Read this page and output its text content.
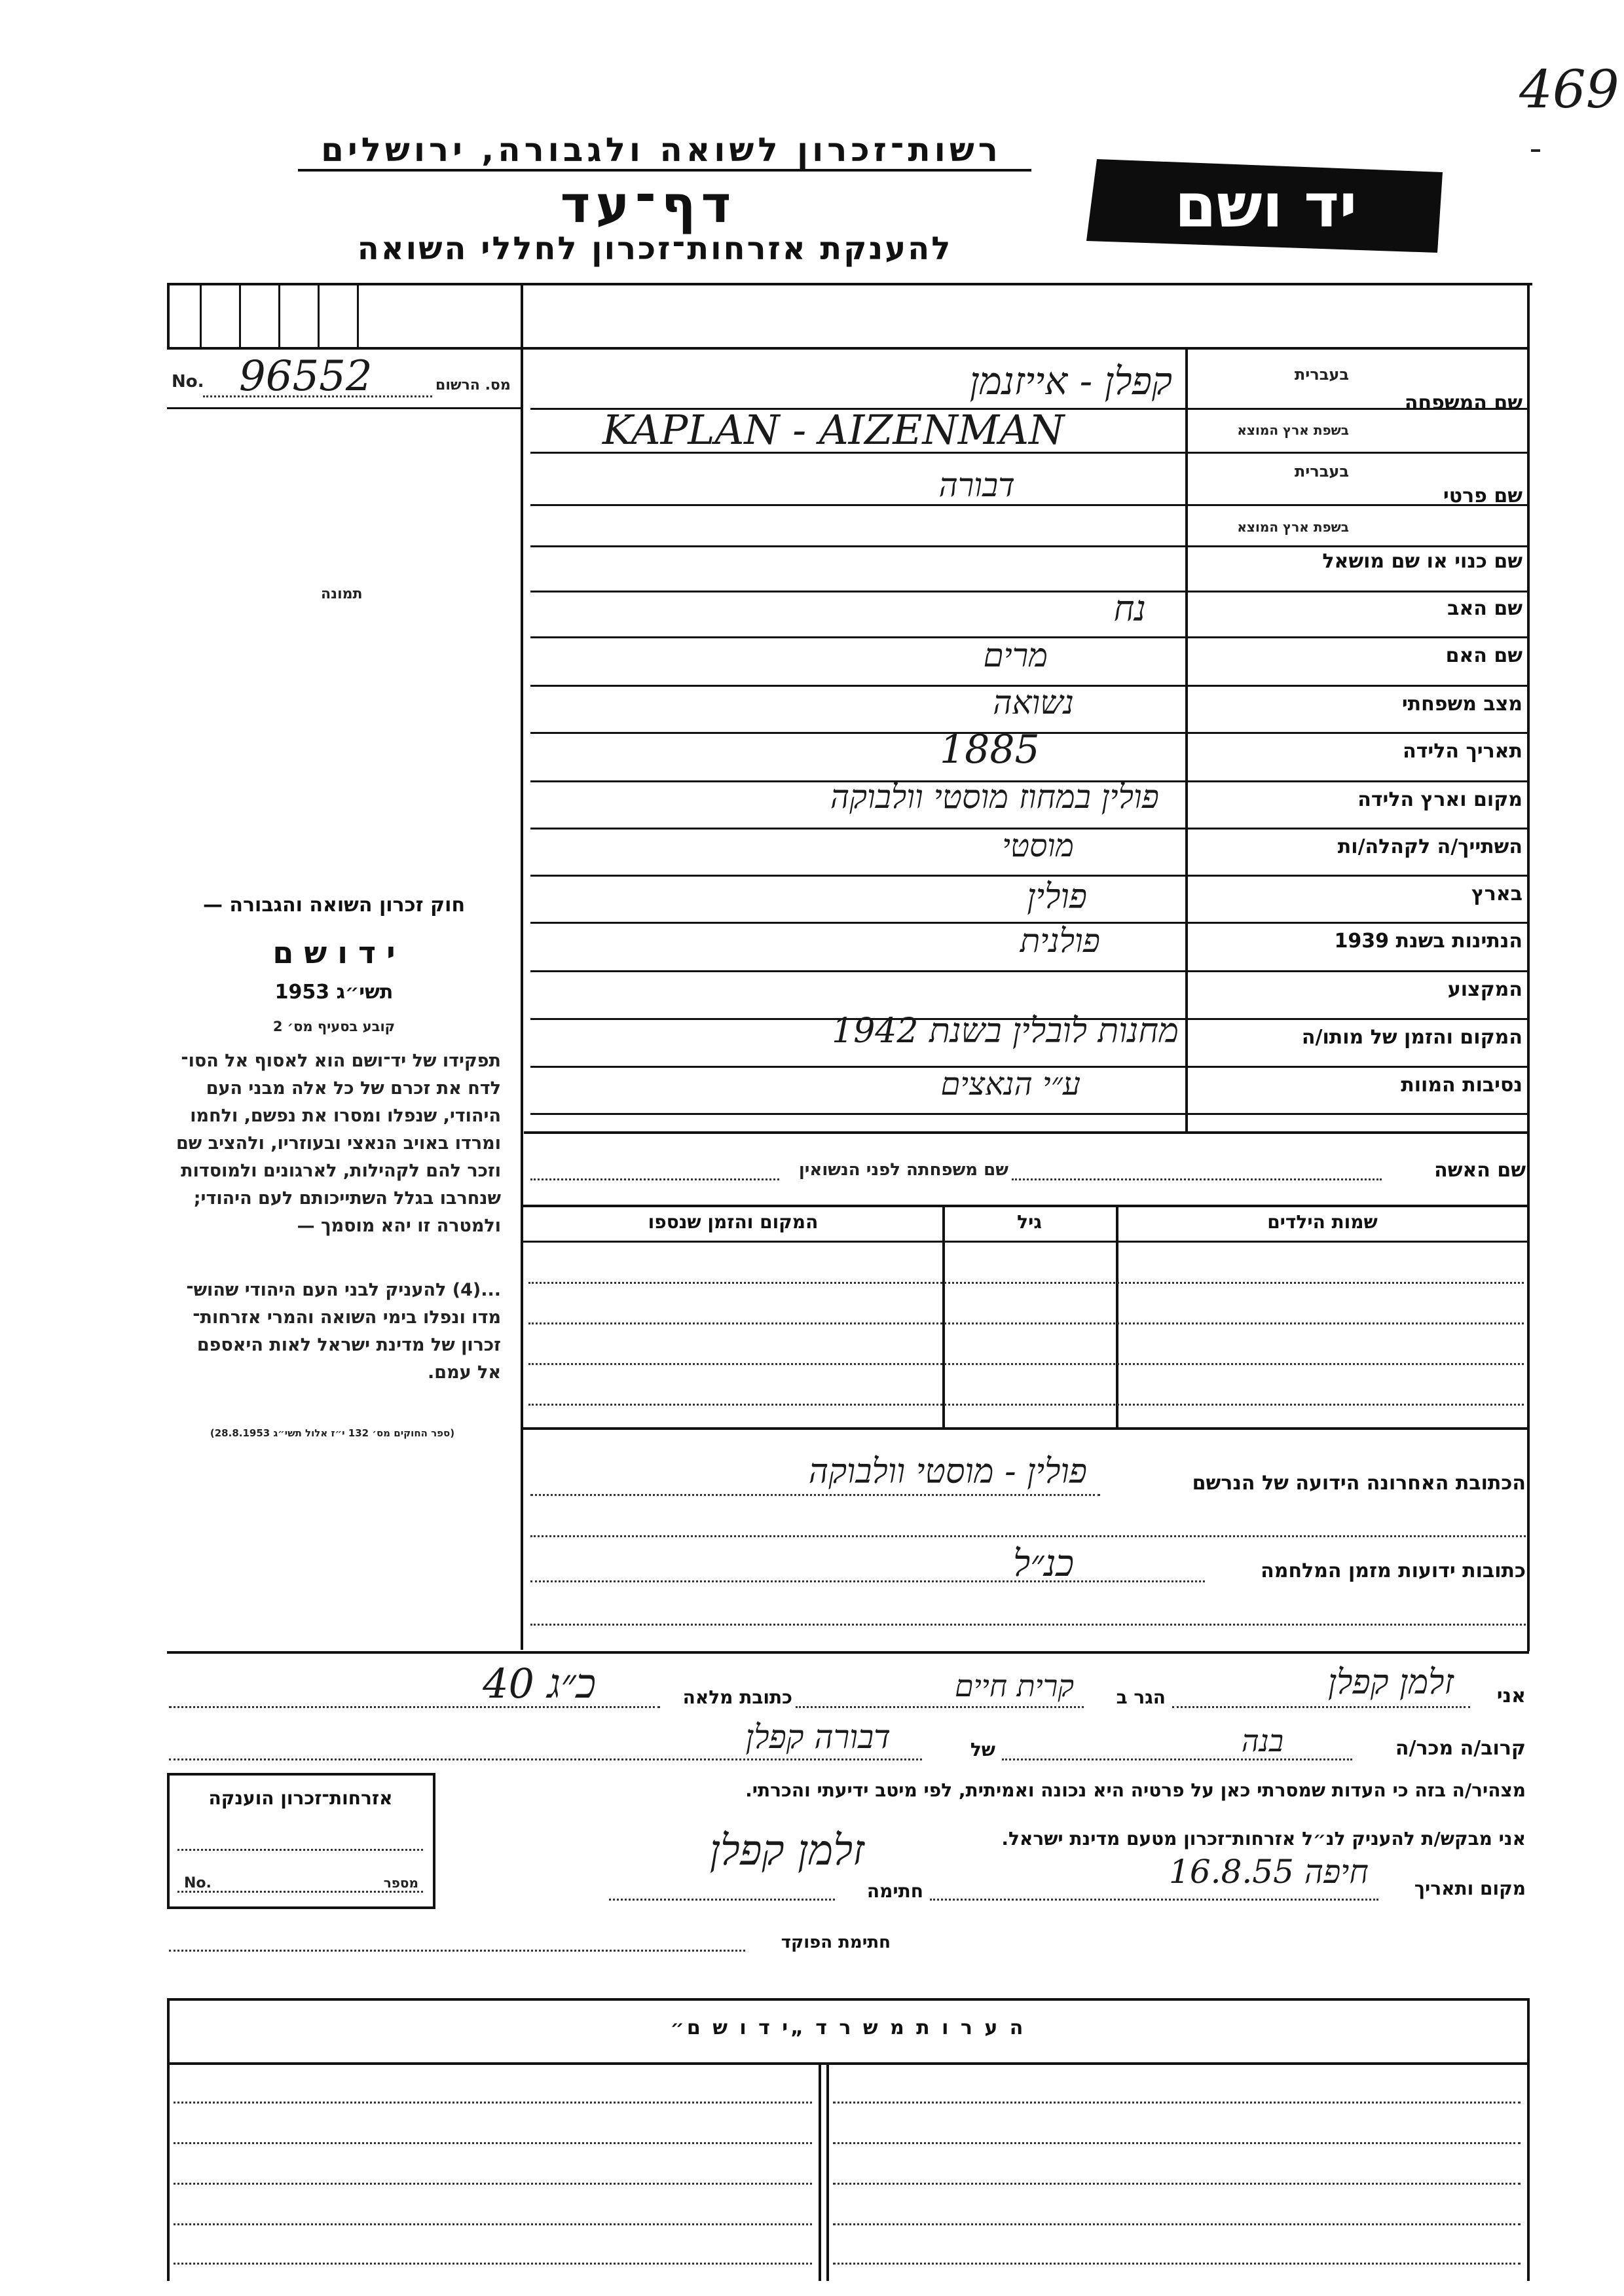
469
רשות־זכרון לשואה ולגבורה, ירושלים
דף־עד
להענקת אזרחות־זכרון לחללי השואה
יד ושם
No. 96552	מס. הרשום
תמונה
חוק זכרון השואה והגבורה —
י ד ו ש ם
תשי״ג 1953
קובע בסעיף מס׳ 2
תפקידו של יד־ושם הוא לאסוף אל הסו־
לדח את זכרם של כל אלה מבני העם
היהודי, שנפלו ומסרו את נפשם, ולחמו
ומרדו באויב הנאצי ובעוזריו, ולהציב שם
וזכר להם לקהילות, לארגונים ולמוסדות
שנחרבו בגלל השתייכותם לעם היהודי;
ולמטרה זו יהא מוסמך —
...(4) להעניק לבני העם היהודי שהוש־
מדו ונפלו בימי השואה והמרי אזרחות־
זכרון של מדינת ישראל לאות היאספם
אל עמם.
(ספר החוקים מס׳ 132 י״ז אלול תשי״ג 28.8.1953)
שם המשפחה
בעברית
בשפת ארץ המוצא
קפלן - אייזנמן
KAPLAN - AIZENMAN
שם פרטי
בעברית
בשפת ארץ המוצא
דבורה
שם כנוי או שם מושאל
שם האב
נח
שם האם
מרים
מצב משפחתי
נשואה
תאריך הלידה
1885
מקום וארץ הלידה
פולין במחוז מוסטי וולבוקה
השתייך/ה לקהלה/ות
מוסטי
בארץ
פולין
הנתינות בשנת 1939
פולנית
המקצוע
המקום והזמן של מותו/ה
מחנות לובלין בשנת 1942
נסיבות המוות
ע״י הנאצים
שם האשה
שם משפחתה לפני הנשואין
שמות הילדים
גיל
המקום והזמן שנספו
הכתובת האחרונה הידועה של הנרשם
פולין - מוסטי וולבוקה
כתובות ידועות מזמן המלחמה
כנ״ל
אני
זלמן קפלן
הגר ב
קרית חיים
כתובת מלאה
כ״ג 40
קרוב/ה מכר/ה
בנה
של
דבורה קפלן
מצהיר/ה בזה כי העדות שמסרתי כאן על פרטיה היא נכונה ואמיתית, לפי מיטב ידיעתי והכרתי.
אני מבקש/ת להעניק לנ״ל אזרחות־זכרון מטעם מדינת ישראל.
מקום ותאריך
חיפה 16.8.55
חתימה
זלמן קפלן
חתימת הפוקד
אזרחות־זכרון הוענקה
No.	מספר
ה ע ר ו ת מ ש ר ד „י ד ו ש ם״
